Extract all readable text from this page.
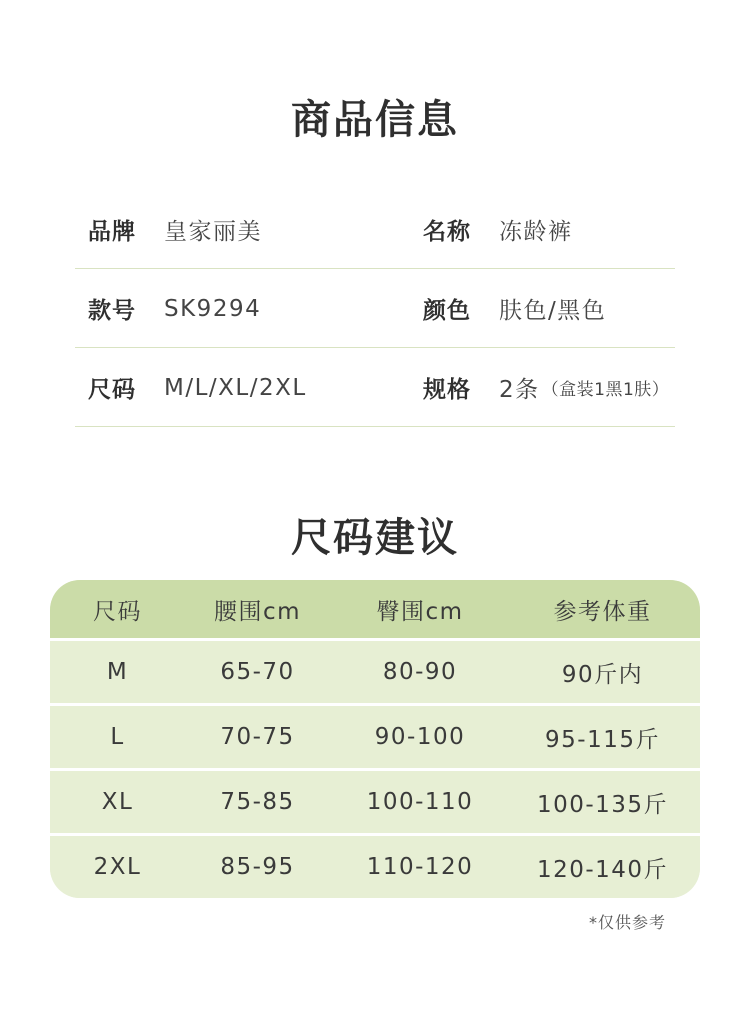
商品信息
品牌	皇家丽美	名称	冻龄裤
款号	SK9294	颜色	肤色/黑色
尺码	M/L/XL/2XL	规格	2条 （盒装1黑1肤）
尺码建议
尺码	腰围cm	臀围cm	参考体重
M	65-70	80-90	90斤内
L	70-75	90-100	95-115斤
XL	75-85	100-110	100-135斤
2XL	85-95	110-120	120-140斤
*仅供参考
